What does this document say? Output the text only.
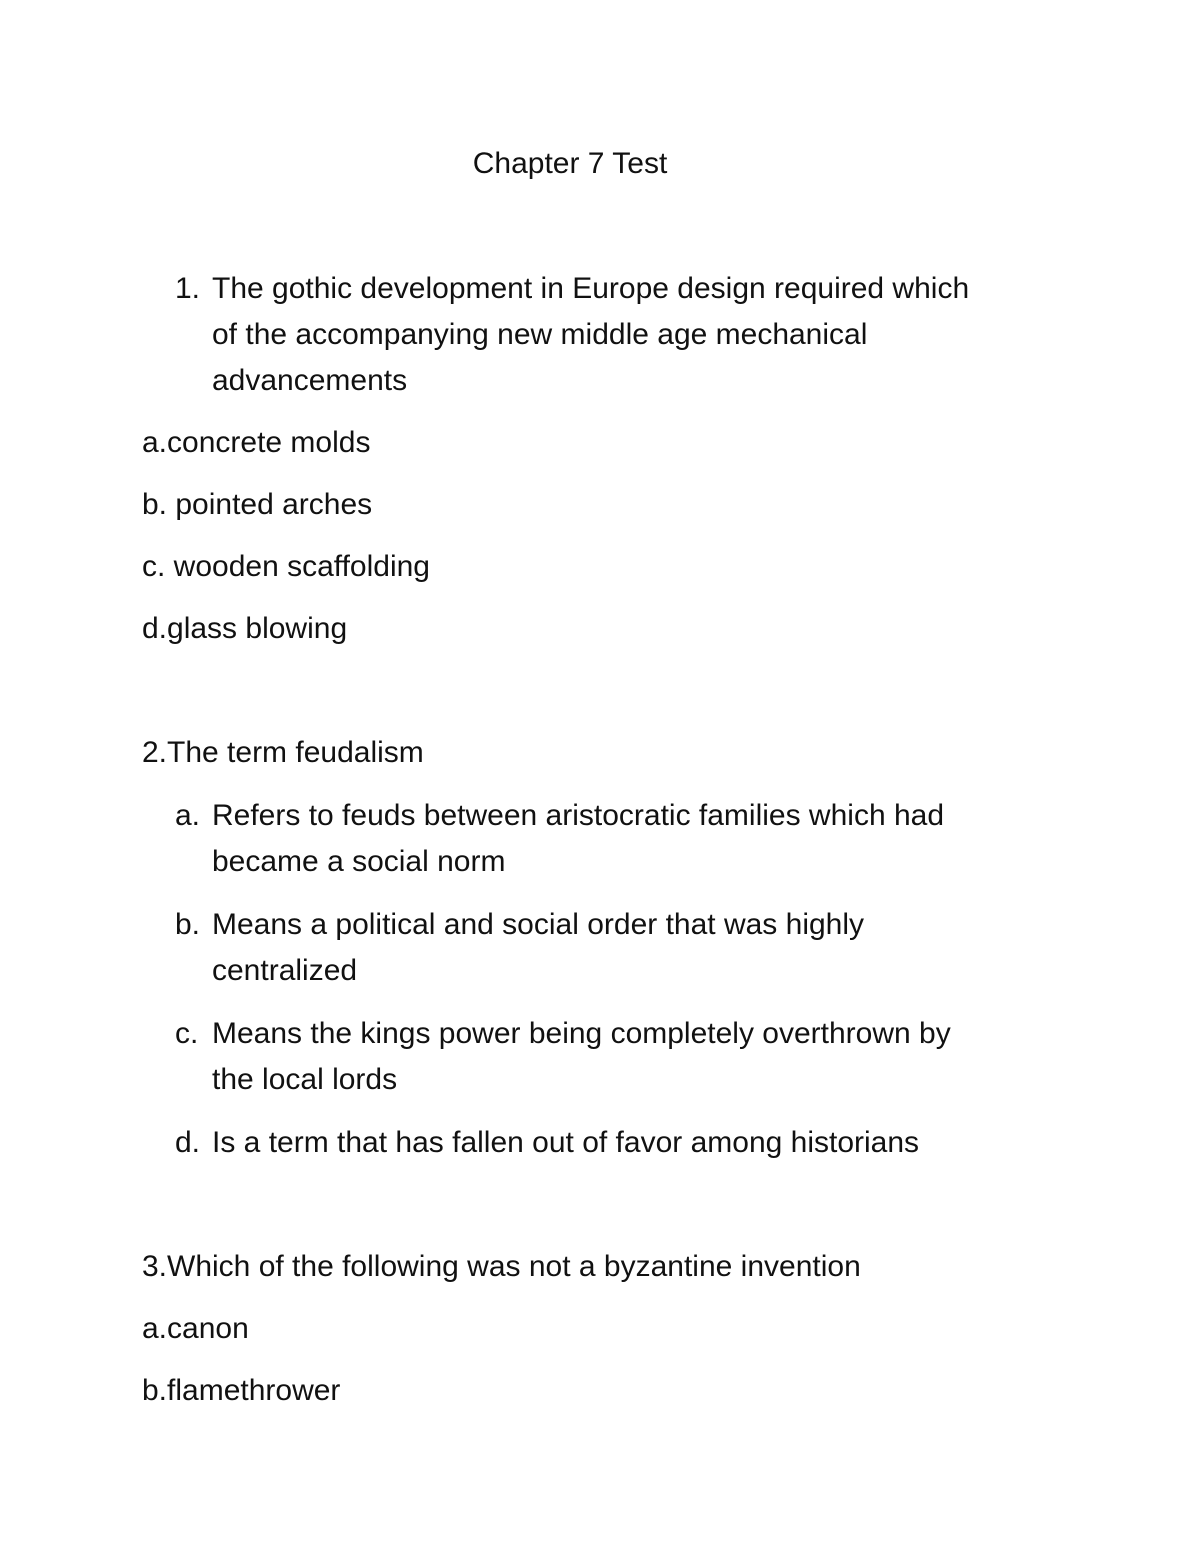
Chapter 7 Test
1. The gothic development in Europe design required which
of the accompanying new middle age mechanical
advancements
a.concrete molds
b. pointed arches
c. wooden scaffolding
d.glass blowing
2.The term feudalism
a. Refers to feuds between aristocratic families which had
became a social norm
b. Means a political and social order that was highly
centralized
c. Means the kings power being completely overthrown by
the local lords
d. Is a term that has fallen out of favor among historians
3.Which of the following was not a byzantine invention
a.canon
b.flamethrower
